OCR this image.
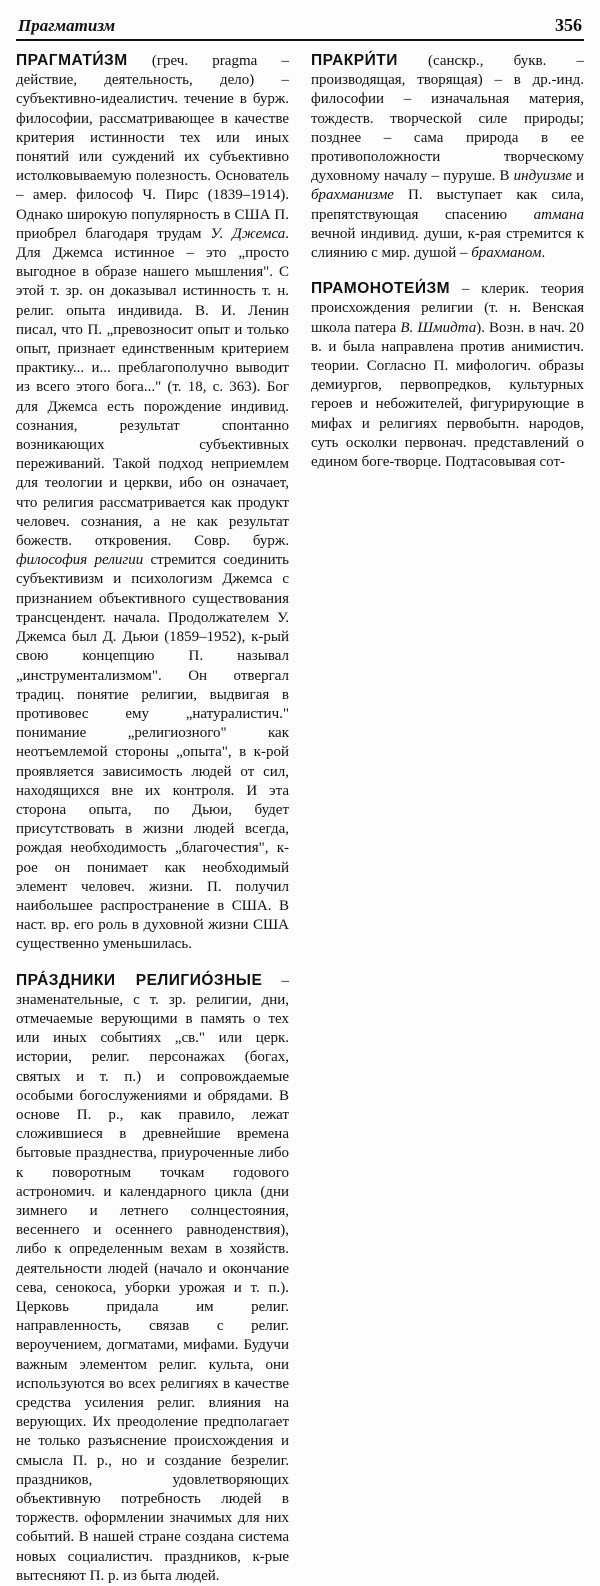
Прагматизм	356

ПРАГМАТИ́ЗМ (греч. pragma – действие, деятельность, дело) – субъективно-идеалистич. течение в бурж. философии, рассматривающее в качестве критерия истинности тех или иных понятий или суждений их субъективно истолковываемую полезность. Основатель – амер. философ Ч. Пирс (1839–1914). Однако широкую популярность в США П. приобрел благодаря трудам У. Джемса. Для Джемса истинное – это „просто выгодное в образе нашего мышления". С этой т. зр. он доказывал истинность т. н. религ. опыта индивида. В. И. Ленин писал, что П. „превозносит опыт и только опыт, признает единственным критерием практику... и... преблагополучно выводит из всего этого бога..." (т. 18, с. 363). Бог для Джемса есть порождение индивид. сознания, результат спонтанно возникающих субъективных переживаний. Такой подход неприемлем для теологии и церкви, ибо он означает, что религия рассматривается как продукт человеч. сознания, а не как результат божеств. откровения. Совр. бурж. философия религии стремится соединить субъективизм и психологизм Джемса с признанием объективного существования трансцендент. начала. Продолжателем У. Джемса был Д. Дьюи (1859–1952), к-рый свою концепцию П. называл „инструментализмом". Он отвергал традиц. понятие религии, выдвигая в противовес ему „натуралистич." понимание „религиозного" как неотъемлемой стороны „опыта", в к-рой проявляется зависимость людей от сил, находящихся вне их контроля. И эта сторона опыта, по Дьюи, будет присутствовать в жизни людей всегда, рождая необходимость „благочестия", к-рое он понимает как необходимый элемент человеч. жизни. П. получил наибольшее распространение в США. В наст. вр. его роль в духовной жизни США существенно уменьшилась.

ПРА́ЗДНИКИ РЕЛИГИО́ЗНЫЕ – знаменательные, с т. зр. религии, дни, отмечаемые верующими в память о тех или иных событиях „св." или церк. истории, религ. персонажах (богах, святых и т. п.) и сопровождаемые особыми богослужениями и обрядами. В основе П. р., как правило, лежат сложившиеся в древнейшие времена бытовые празднества, приуроченные либо к поворотным точкам годового астрономич. и календарного цикла (дни зимнего и летнего солнцестояния, весеннего и осеннего равноденствия), либо к определенным вехам в хозяйств. деятельности людей (начало и окончание сева, сенокоса, уборки урожая и т. п.). Церковь придала им религ. направленность, связав с религ. вероучением, догматами, мифами. Будучи важным элементом религ. культа, они используются во всех религиях в качестве средства усиления религ. влияния на верующих. Их преодоление предполагает не только разъяснение происхождения и смысла П. р., но и создание безрелиг. праздников, удовлетворяющих объективную потребность людей в торжеств. оформлении значимых для них событий. В нашей стране создана система новых социалистич. праздников, к-рые вытесняют П. р. из быта людей.

ПРАКРИ́ТИ (санскр., букв. – производящая, творящая) – в др.-инд. философии – изначальная материя, тождеств. творческой силе природы; позднее – сама природа в ее противоположности творческому духовному началу – пуруше. В индуизме и брахманизме П. выступает как сила, препятствующая спасению атмана вечной индивид. души, к-рая стремится к слиянию с мир. душой – брахманом.

ПРАМОНОТЕИ́ЗМ – клерик. теория происхождения религии (т. н. Венская школа патера В. Шмидта). Возн. в нач. 20 в. и была направлена против анимистич. теории. Согласно П. мифологич. образы демиургов, первопредков, культурных героев и небожителей, фигурирующие в мифах и религиях первобытн. народов, суть осколки первонач. представлений о едином боге-творце. Подтасовывая сот-
